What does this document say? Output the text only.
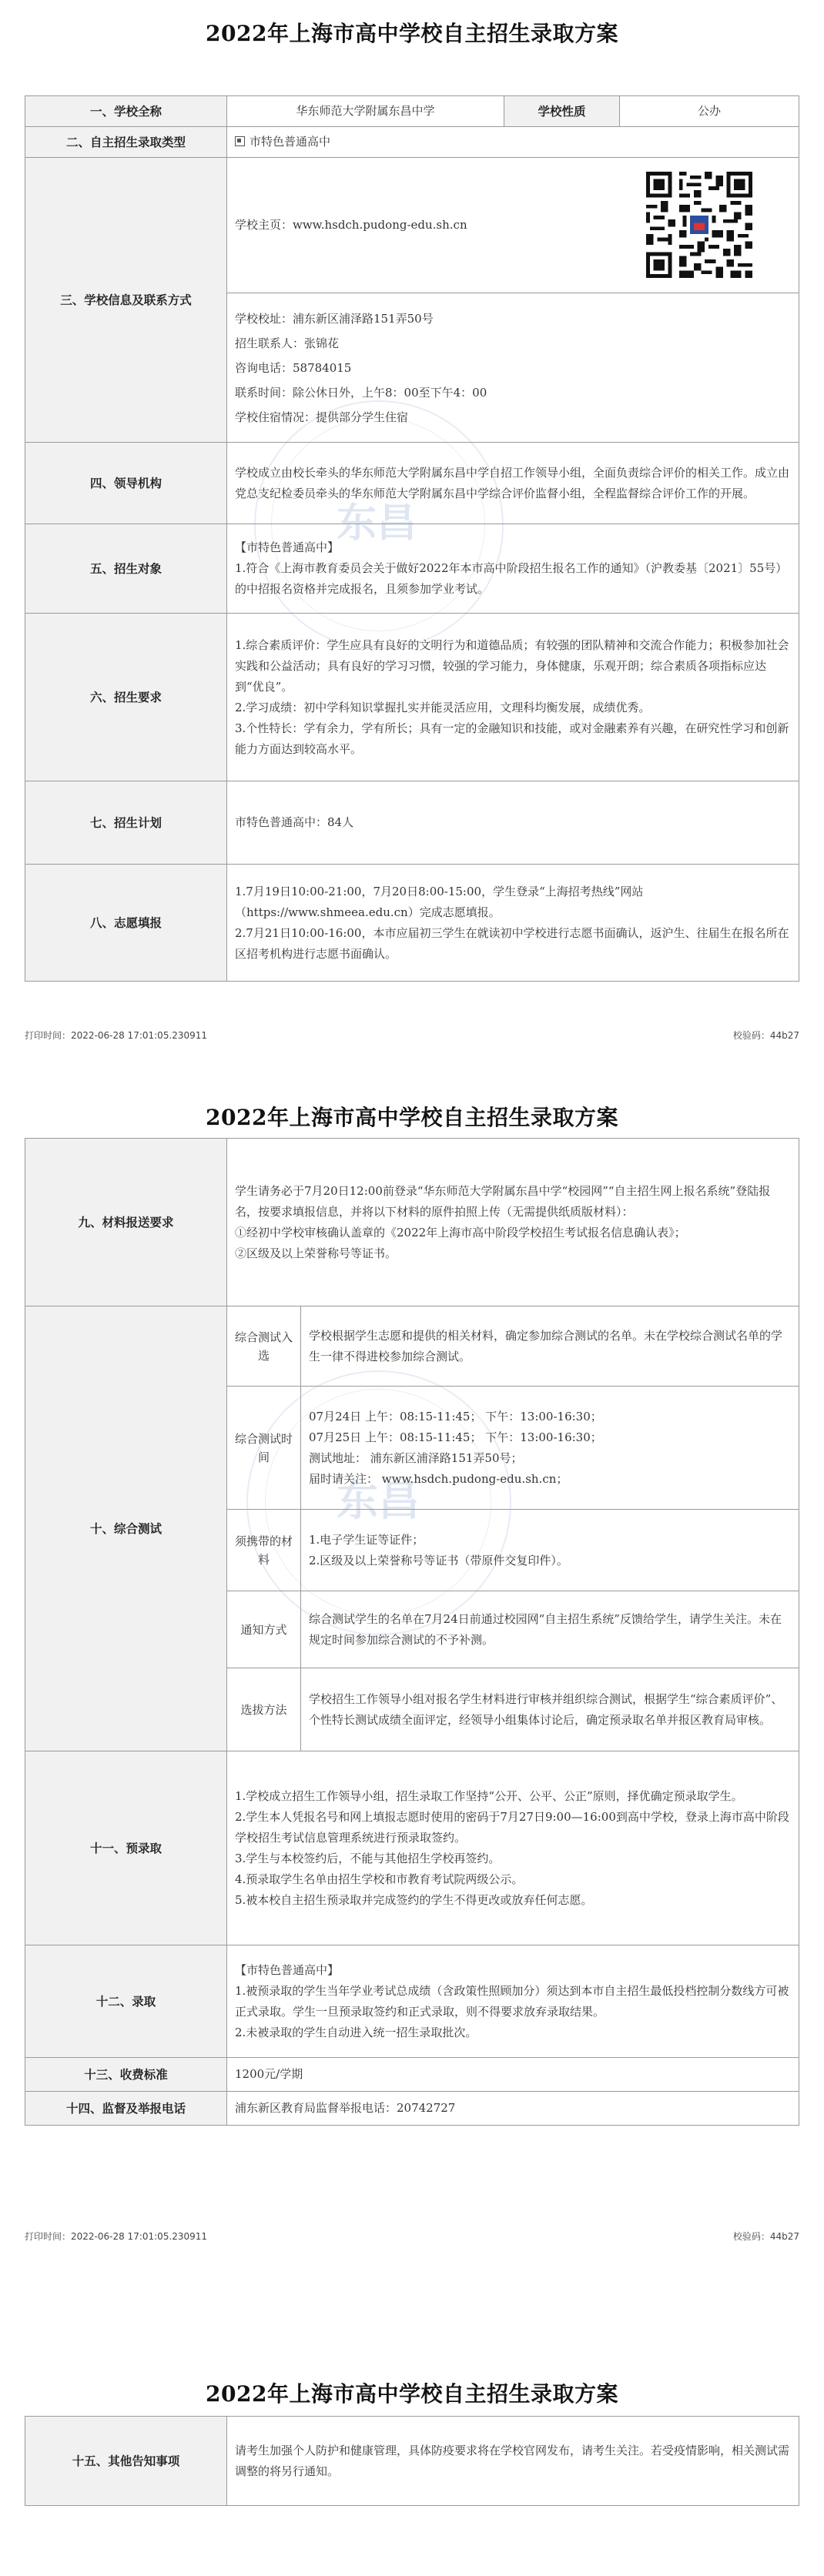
2022年上海市高中学校自主招生录取方案
一、学校全称	华东师范大学附属东昌中学	学校性质	公办
二、自主招生录取类型	市特色普通高中		
三、学校信息及联系方式	学校主页：www.hsdch.pudong-edu.sh.cn		

	学校校址：浦东新区浦泽路151弄50号
招生联系人：张锦花
咨询电话：58784015
联系时间：除公休日外，上午8：00至下午4：00
学校住宿情况：提供部分学生住宿		

四、领导机构	学校成立由校长牵头的华东师范大学附属东昌中学自招工作领导小组，全面负责综合评价的相关工作。成立由党总支纪检委员牵头的华东师范大学附属东昌中学综合评价监督小组，全程监督综合评价工作的开展。		
五、招生对象	【市特色普通高中】
1.符合《上海市教育委员会关于做好2022年本市高中阶段招生报名工作的通知》（沪教委基〔2021〕55号）的中招报名资格并完成报名，且须参加学业考试。		

六、招生要求	1.综合素质评价：学生应具有良好的文明行为和道德品质；有较强的团队精神和交流合作能力；积极参加社会实践和公益活动；具有良好的学习习惯，较强的学习能力，身体健康，乐观开朗；综合素质各项指标应达到“优良”。
2.学习成绩：初中学科知识掌握扎实并能灵活应用，文理科均衡发展，成绩优秀。
3.个性特长：学有余力，学有所长；具有一定的金融知识和技能，或对金融素养有兴趣，在研究性学习和创新能力方面达到较高水平。		

七、招生计划	市特色普通高中：84人		
八、志愿填报	1.7月19日10:00-21:00，7月20日8:00-15:00，学生登录“上海招考热线”网站（https://www.shmeea.edu.cn）完成志愿填报。
2.7月21日10:00-16:00，本市应届初三学生在就读初中学校进行志愿书面确认，返沪生、往届生在报名所在区招考机构进行志愿书面确认。		
打印时间：2022-06-28 17:01:05.230911	校验码：44b27
东昌
2022年上海市高中学校自主招生录取方案
九、材料报送要求	学生请务必于7月20日12:00前登录“华东师范大学附属东昌中学“校园网”“自主招生网上报名系统”登陆报名，按要求填报信息，并将以下材料的原件拍照上传（无需提供纸质版材料）：
①经初中学校审核确认盖章的《2022年上海市高中阶段学校招生考试报名信息确认表》；
②区级及以上荣誉称号等证书。	

十、综合测试	综合测试入选	学校根据学生志愿和提供的相关材料，确定参加综合测试的名单。未在学校综合测试名单的学生一律不得进校参加综合测试。
	综合测试时间	07月24日 上午：08:15-11:45； 下午：13:00-16:30；
07月25日 上午：08:15-11:45； 下午：13:00-16:30；
测试地址： 浦东新区浦泽路151弄50号；
届时请关注： www.hsdch.pudong-edu.sh.cn；

	须携带的材料	1.电子学生证等证件；
2.区级及以上荣誉称号等证书（带原件交复印件）。

	通知方式	综合测试学生的名单在7月24日前通过校园网“自主招生系统”反馈给学生，请学生关注。未在规定时间参加综合测试的不予补测。
	选拔方法	学校招生工作领导小组对报名学生材料进行审核并组织综合测试，根据学生“综合素质评价”、个性特长测试成绩全面评定，经领导小组集体讨论后，确定预录取名单并报区教育局审核。
十一、预录取	1.学校成立招生工作领导小组，招生录取工作坚持“公开、公平、公正”原则，择优确定预录取学生。
2.学生本人凭报名号和网上填报志愿时使用的密码于7月27日9:00—16:00到高中学校，登录上海市高中阶段学校招生考试信息管理系统进行预录取签约。
3.学生与本校签约后，不能与其他招生学校再签约。
4.预录取学生名单由招生学校和市教育考试院两级公示。
5.被本校自主招生预录取并完成签约的学生不得更改或放弃任何志愿。	

十二、录取	【市特色普通高中】
1.被预录取的学生当年学业考试总成绩（含政策性照顾加分）须达到本市自主招生最低投档控制分数线方可被正式录取。学生一旦预录取签约和正式录取，则不得要求放弃录取结果。
2.未被录取的学生自动进入统一招生录取批次。	

十三、收费标准	1200元/学期	
十四、监督及举报电话	浦东新区教育局监督举报电话：20742727	
打印时间：2022-06-28 17:01:05.230911	校验码：44b27
东昌
2022年上海市高中学校自主招生录取方案
十五、其他告知事项	请考生加强个人防护和健康管理，具体防疫要求将在学校官网发布，请考生关注。若受疫情影响，相关测试需调整的将另行通知。
